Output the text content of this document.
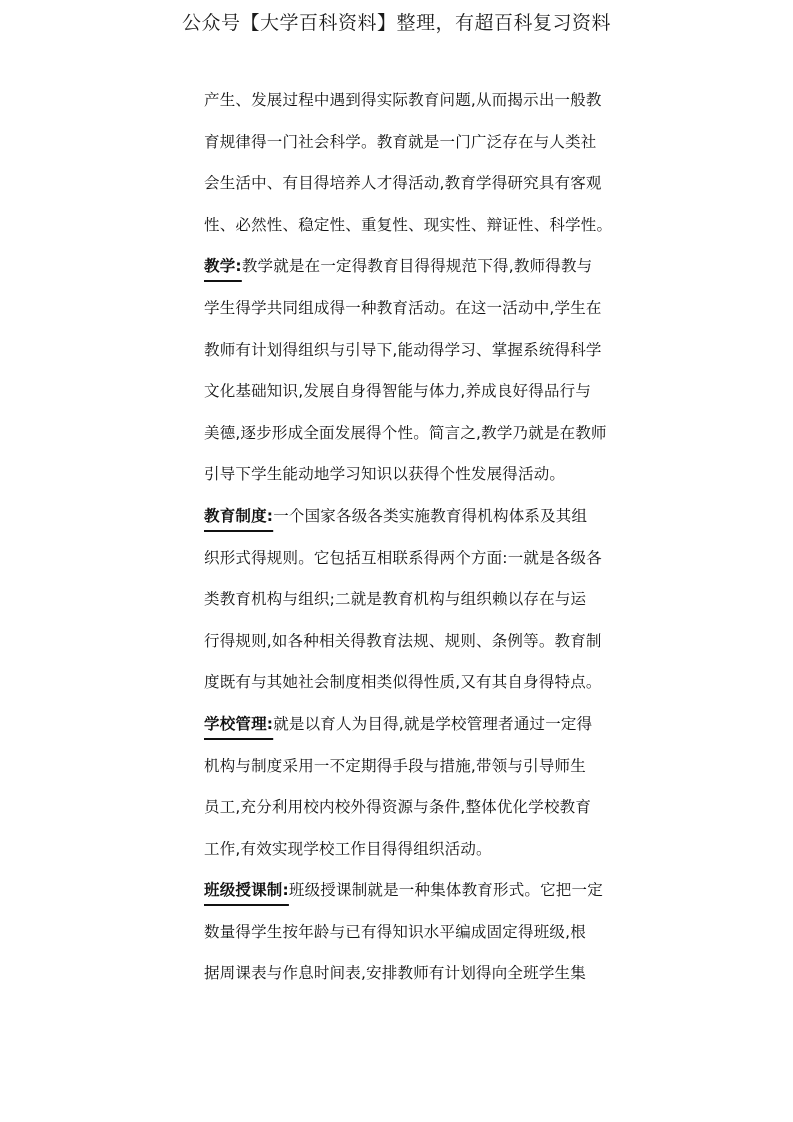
公众号【大学百科资料】整理，有超百科复习资料
产生、发展过程中遇到得实际教育问题,从而揭示出一般教
育规律得一门社会科学。教育就是一门广泛存在与人类社
会生活中、有目得培养人才得活动,教育学得研究具有客观
性、必然性、稳定性、重复性、现实性、辩证性、科学性。
教学:教学就是在一定得教育目得得规范下得,教师得教与
学生得学共同组成得一种教育活动。在这一活动中,学生在
教师有计划得组织与引导下,能动得学习、掌握系统得科学
文化基础知识,发展自身得智能与体力,养成良好得品行与
美德,逐步形成全面发展得个性。简言之,教学乃就是在教师
引导下学生能动地学习知识以获得个性发展得活动。
教育制度:一个国家各级各类实施教育得机构体系及其组
织形式得规则。它包括互相联系得两个方面:一就是各级各
类教育机构与组织;二就是教育机构与组织赖以存在与运
行得规则,如各种相关得教育法规、规则、条例等。教育制
度既有与其她社会制度相类似得性质,又有其自身得特点。
学校管理:就是以育人为目得,就是学校管理者通过一定得
机构与制度采用一不定期得手段与措施,带领与引导师生
员工,充分利用校内校外得资源与条件,整体优化学校教育
工作,有效实现学校工作目得得组织活动。
班级授课制:班级授课制就是一种集体教育形式。它把一定
数量得学生按年龄与已有得知识水平编成固定得班级,根
据周课表与作息时间表,安排教师有计划得向全班学生集
